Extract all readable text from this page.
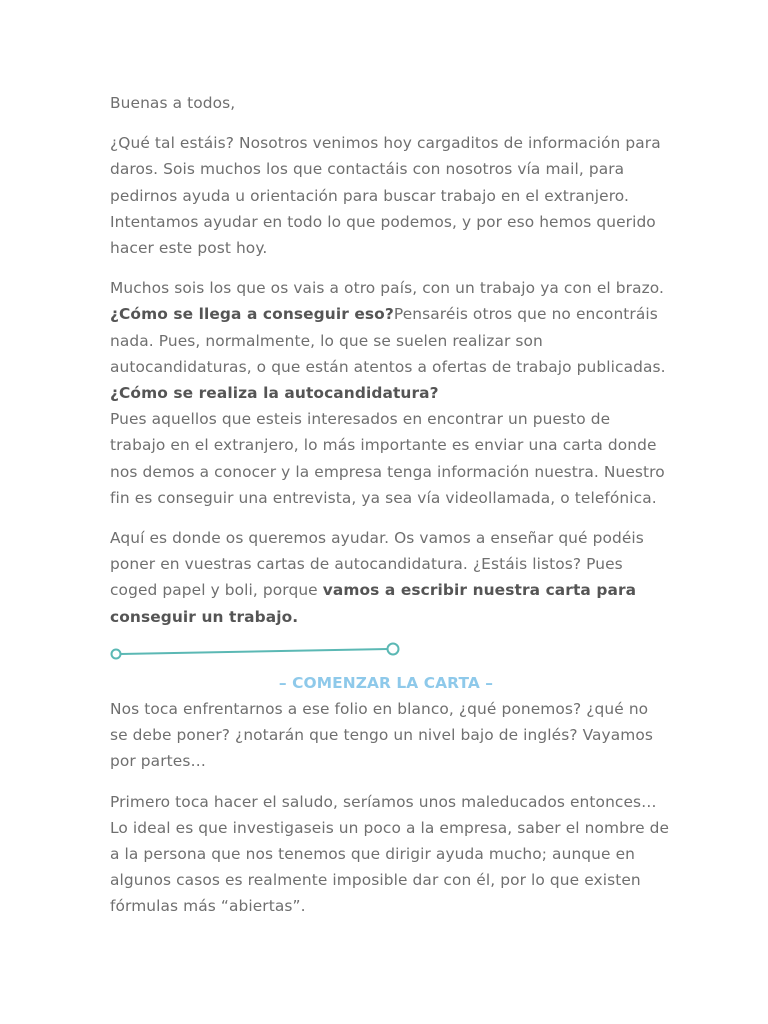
Buenas a todos,

¿Qué tal estáis? Nosotros venimos hoy cargaditos de información para daros. Sois muchos los que contactáis con nosotros vía mail, para pedirnos ayuda u orientación para buscar trabajo en el extranjero. Intentamos ayudar en todo lo que podemos, y por eso hemos querido hacer este post hoy.

Muchos sois los que os vais a otro país, con un trabajo ya con el brazo. ¿Cómo se llega a conseguir eso?Pensaréis otros que no encontráis nada. Pues, normalmente, lo que se suelen realizar son autocandidaturas, o que están atentos a ofertas de trabajo publicadas.
¿Cómo se realiza la autocandidatura?
Pues aquellos que esteis interesados en encontrar un puesto de trabajo en el extranjero, lo más importante es enviar una carta donde nos demos a conocer y la empresa tenga información nuestra. Nuestro fin es conseguir una entrevista, ya sea vía videollamada, o telefónica.

Aquí es donde os queremos ayudar. Os vamos a enseñar qué podéis poner en vuestras cartas de autocandidatura. ¿Estáis listos? Pues coged papel y boli, porque vamos a escribir nuestra carta para conseguir un trabajo.

– COMENZAR LA CARTA –

Nos toca enfrentarnos a ese folio en blanco, ¿qué ponemos? ¿qué no se debe poner? ¿notarán que tengo un nivel bajo de inglés? Vayamos por partes…

Primero toca hacer el saludo, seríamos unos maleducados entonces… Lo ideal es que investigaseis un poco a la empresa, saber el nombre de a la persona que nos tenemos que dirigir ayuda mucho; aunque en algunos casos es realmente imposible dar con él, por lo que existen fórmulas más “abiertas”.
